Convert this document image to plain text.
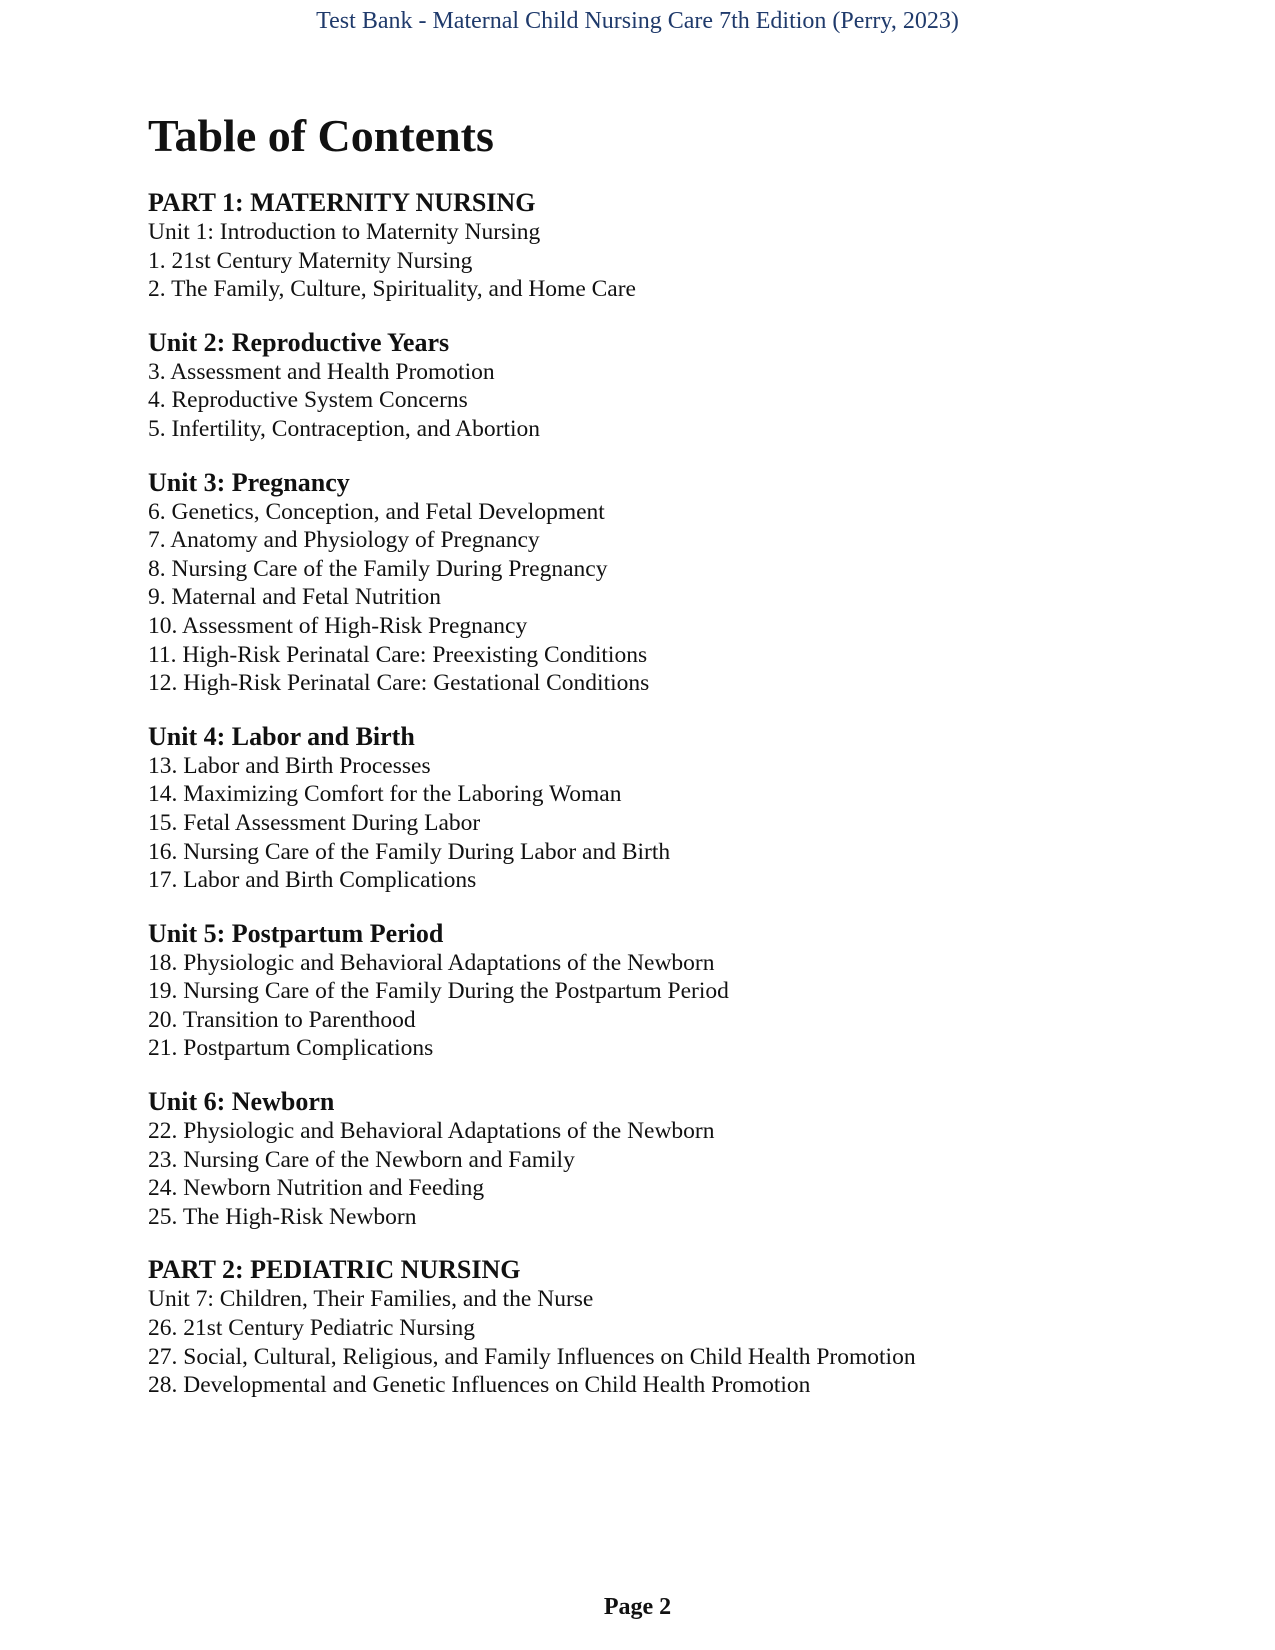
Test Bank - Maternal Child Nursing Care 7th Edition (Perry, 2023)
Table of Contents
PART 1: MATERNITY NURSING
Unit 1: Introduction to Maternity Nursing
1. 21st Century Maternity Nursing
2. The Family, Culture, Spirituality, and Home Care
Unit 2: Reproductive Years
3. Assessment and Health Promotion
4. Reproductive System Concerns
5. Infertility, Contraception, and Abortion
Unit 3: Pregnancy
6. Genetics, Conception, and Fetal Development
7. Anatomy and Physiology of Pregnancy
8. Nursing Care of the Family During Pregnancy
9. Maternal and Fetal Nutrition
10. Assessment of High-Risk Pregnancy
11. High-Risk Perinatal Care: Preexisting Conditions
12. High-Risk Perinatal Care: Gestational Conditions
Unit 4: Labor and Birth
13. Labor and Birth Processes
14. Maximizing Comfort for the Laboring Woman
15. Fetal Assessment During Labor
16. Nursing Care of the Family During Labor and Birth
17. Labor and Birth Complications
Unit 5: Postpartum Period
18. Physiologic and Behavioral Adaptations of the Newborn
19. Nursing Care of the Family During the Postpartum Period
20. Transition to Parenthood
21. Postpartum Complications
Unit 6: Newborn
22. Physiologic and Behavioral Adaptations of the Newborn
23. Nursing Care of the Newborn and Family
24. Newborn Nutrition and Feeding
25. The High-Risk Newborn
PART 2: PEDIATRIC NURSING
Unit 7: Children, Their Families, and the Nurse
26. 21st Century Pediatric Nursing
27. Social, Cultural, Religious, and Family Influences on Child Health Promotion
28. Developmental and Genetic Influences on Child Health Promotion
Page 2
